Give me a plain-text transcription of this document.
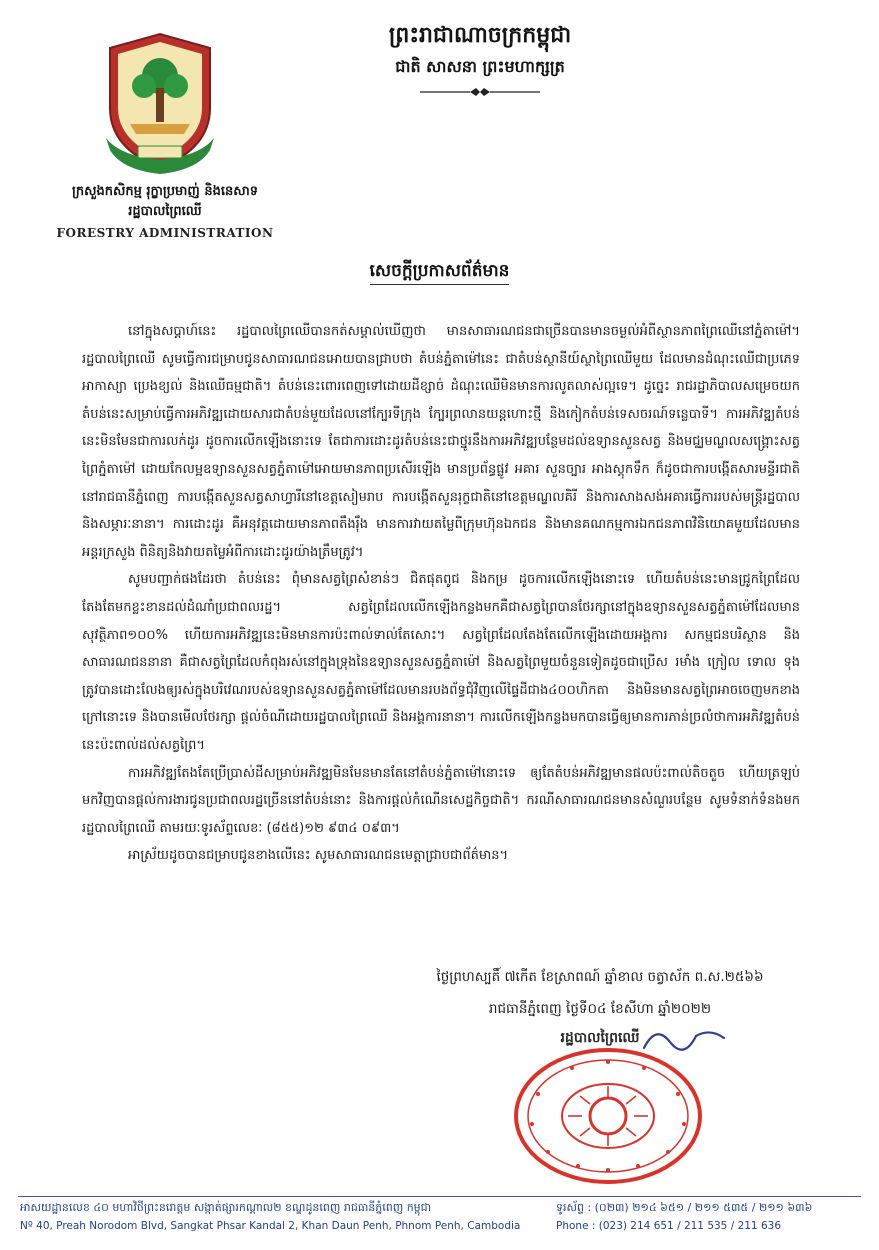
ក្រសួងកសិកម្ម រុក្ខាប្រមាញ់ និងនេសាទ
រដ្ឋបាលព្រៃឈើ
FORESTRY ADMINISTRATION
ព្រះរាជាណាចក្រកម្ពុជា
ជាតិ សាសនា ព្រះមហាក្សត្រ
សេចក្ដីប្រកាសព័ត៌មាន

នៅក្នុងសប្ដាហ៍នេះ រដ្ឋបាលព្រៃឈើបានកត់សម្គាល់ឃើញថា មានសាធារណជនជាច្រើនបានមានចម្ងល់អំពីស្ថានភាពព្រៃឈើនៅភ្នំតាម៉ៅ។ រដ្ឋបាលព្រៃឈើ សូមធ្វើការជម្រាបជូនសាធារណជនអោយបានជ្រាបថា តំបន់ភ្នំតាម៉ៅនេះ ជាតំបន់ស្ថានីយ៍ស្ថាព្រៃឈើមួយ ដែលមានដំណុះឈើជាប្រភេទអាកាស្យា ប្រេងខ្យល់ និងឈើធម្មជាតិ។ តំបន់នេះពោរពេញទៅដោយដីខ្សាច់ ដំណុះឈើមិនមានការលូតលាស់ល្អទេ។ ដូច្នេះ រាជរដ្ឋាភិបាលសម្រេចយកតំបន់នេះសម្រាប់ធ្វើការអភិវឌ្ឍដោយសារជាតំបន់មួយដែលនៅក្បែរទីក្រុង ក្បែរព្រលានយន្តហោះថ្មី និងកៀកតំបន់ទេសចរណ៍ទន្លេបាទី។ ការអភិវឌ្ឍតំបន់នេះមិនមែនជាការលក់ដូរ ដូចការលើកឡើងនោះទេ តែជាការដោះដូរតំបន់នេះជាថ្នូរនឹងការអភិវឌ្ឍបន្ថែមដល់ឧទ្យានសួនសត្វ និងមជ្ឈមណ្ឌលសង្គ្រោះសត្វព្រៃភ្នំតាម៉ៅ ដោយកែលម្អឧទ្យានសួនសត្វភ្នំតាម៉ៅអោយមានភាពប្រសើរឡើង មានប្រព័ន្ធផ្លូវ អគារ សួនច្បារ អាងស្តុកទឹក ក៏ដូចជាការបង្កើតសារមន្ទីរជាតិនៅរាជធានីភ្នំពេញ ការបង្កើតសួនសត្វសាហ្វារីនៅខេត្តសៀមរាប ការបង្កើតសួនរុក្ខជាតិនៅខេត្តមណ្ឌលគិរី និងការសាងសង់អគារធ្វើការរបស់មន្រ្តីរដ្ឋបាល និងសម្ភារៈនានា។ ការដោះដូរ គឺអនុវត្តដោយមានភាពតឹងរ៉ឹង មានការវាយតម្លៃពីក្រុមហ៊ុនឯកជន និងមានគណកម្មការឯកជនភាពវិនិយោគមួយដែលមានអន្តរក្រសួង ពិនិត្យនិងវាយតម្លៃអំពីការដោះដូរយ៉ាងត្រឹមត្រូវ។

សូមបញ្ជាក់ផងដែរថា តំបន់នេះ ពុំមានសត្វព្រៃសំខាន់ៗ ជិតផុតពូជ និងកម្រ ដូចការលើកឡើងនោះទេ ហើយតំបន់នេះមានជ្រូកព្រៃដែលតែងតែមកខ្លះខានដល់ដំណាំប្រជាពលរដ្ឋ។ សត្វព្រៃដែលលើកឡើងកន្លងមកគឺជាសត្វព្រៃបានថែរក្សានៅក្នុងឧទ្យានសួនសត្វភ្នំតាម៉ៅដែលមានសុវត្ថិភាព១០០% ហើយការអភិវឌ្ឍនេះមិនមានការប៉ះពាល់ទាល់តែសោះ។ សត្វព្រៃដែលតែងតែលើកឡើងដោយអង្គការ សកម្មជនបរិស្ថាន និងសាធារណជននានា គឺជាសត្វព្រៃដែលកំពុងរស់នៅក្នុងទ្រុងនៃឧទ្យានសួនសត្វភ្នំតាម៉ៅ និងសត្វព្រៃមួយចំនួនទៀតដូចជាប្រើស រមាំង ក្រៀល ទោល ទុង ត្រូវបានដោះលែងឲ្យរស់ក្នុងបរិវេណរបស់ឧទ្យានសួនសត្វភ្នំតាម៉ៅដែលមានរបងព័ទ្ធជុំវិញលើផ្ទៃដីជាង៤០០ហិកតា និងមិនមានសត្វព្រៃអាចចេញមកខាងក្រៅនោះទេ និងបានមើលថែរក្សា ផ្តល់ចំណីដោយរដ្ឋបាលព្រៃឈើ និងអង្គការនានា។ ការលើកឡើងកន្លងមកបានធ្វើឲ្យមានការភាន់ច្រលំថាការអភិវឌ្ឍតំបន់នេះប៉ះពាល់ដល់សត្វព្រៃ។

ការអភិវឌ្ឍតែងតែប្រើប្រាស់ដីសម្រាប់អភិវឌ្ឍមិនមែនមានតែនៅតំបន់ភ្នំតាម៉ៅនោះទេ ឲ្យតែតំបន់អភិវឌ្ឍមានផលប៉ះពាល់តិចតួច ហើយត្រឡប់មកវិញបានផ្តល់ការងារជូនប្រជាពលរដ្ឋច្រើននៅតំបន់នោះ និងការផ្តល់កំណើនសេដ្ឋកិច្ចជាតិ។ ករណីសាធារណជនមានសំណួរបន្ថែម សូមទំនាក់ទំនងមករដ្ឋបាលព្រៃឈើ តាមរយៈទូរស័ព្ទលេខៈ (៨៥៥)១២ ៩៣៤ ០៩៣។

អាស្រ័យដូចបានជម្រាបជូនខាងលើនេះ សូមសាធារណជនមេត្តាជ្រាបជាព័ត៌មាន។

ថ្ងៃព្រហស្បតិ៍ ៧កើត ខែស្រាពណ៍ ឆ្នាំខាល ចត្វាស័ក ព.ស.២៥៦៦
រាជធានីភ្នំពេញ ថ្ងៃទី០៤ ខែសីហា ឆ្នាំ២០២២
រដ្ឋបាលព្រៃឈើ
អាសយដ្ឋានលេខ ៤០ មហាវិថីព្រះនរោត្តម សង្កាត់ផ្សារកណ្ដាល២ ខណ្ឌដូនពេញ រាជធានីភ្នំពេញ កម្ពុជា
Nº 40, Preah Norodom Blvd, Sangkat Phsar Kandal 2, Khan Daun Penh, Phnom Penh, Cambodia
ទូរស័ព្ទ : (០២៣) ២១៤ ៦៥១ / ២១១ ៥៣៥ / ២១១ ៦៣៦
Phone : (023) 214 651 / 211 535 / 211 636
